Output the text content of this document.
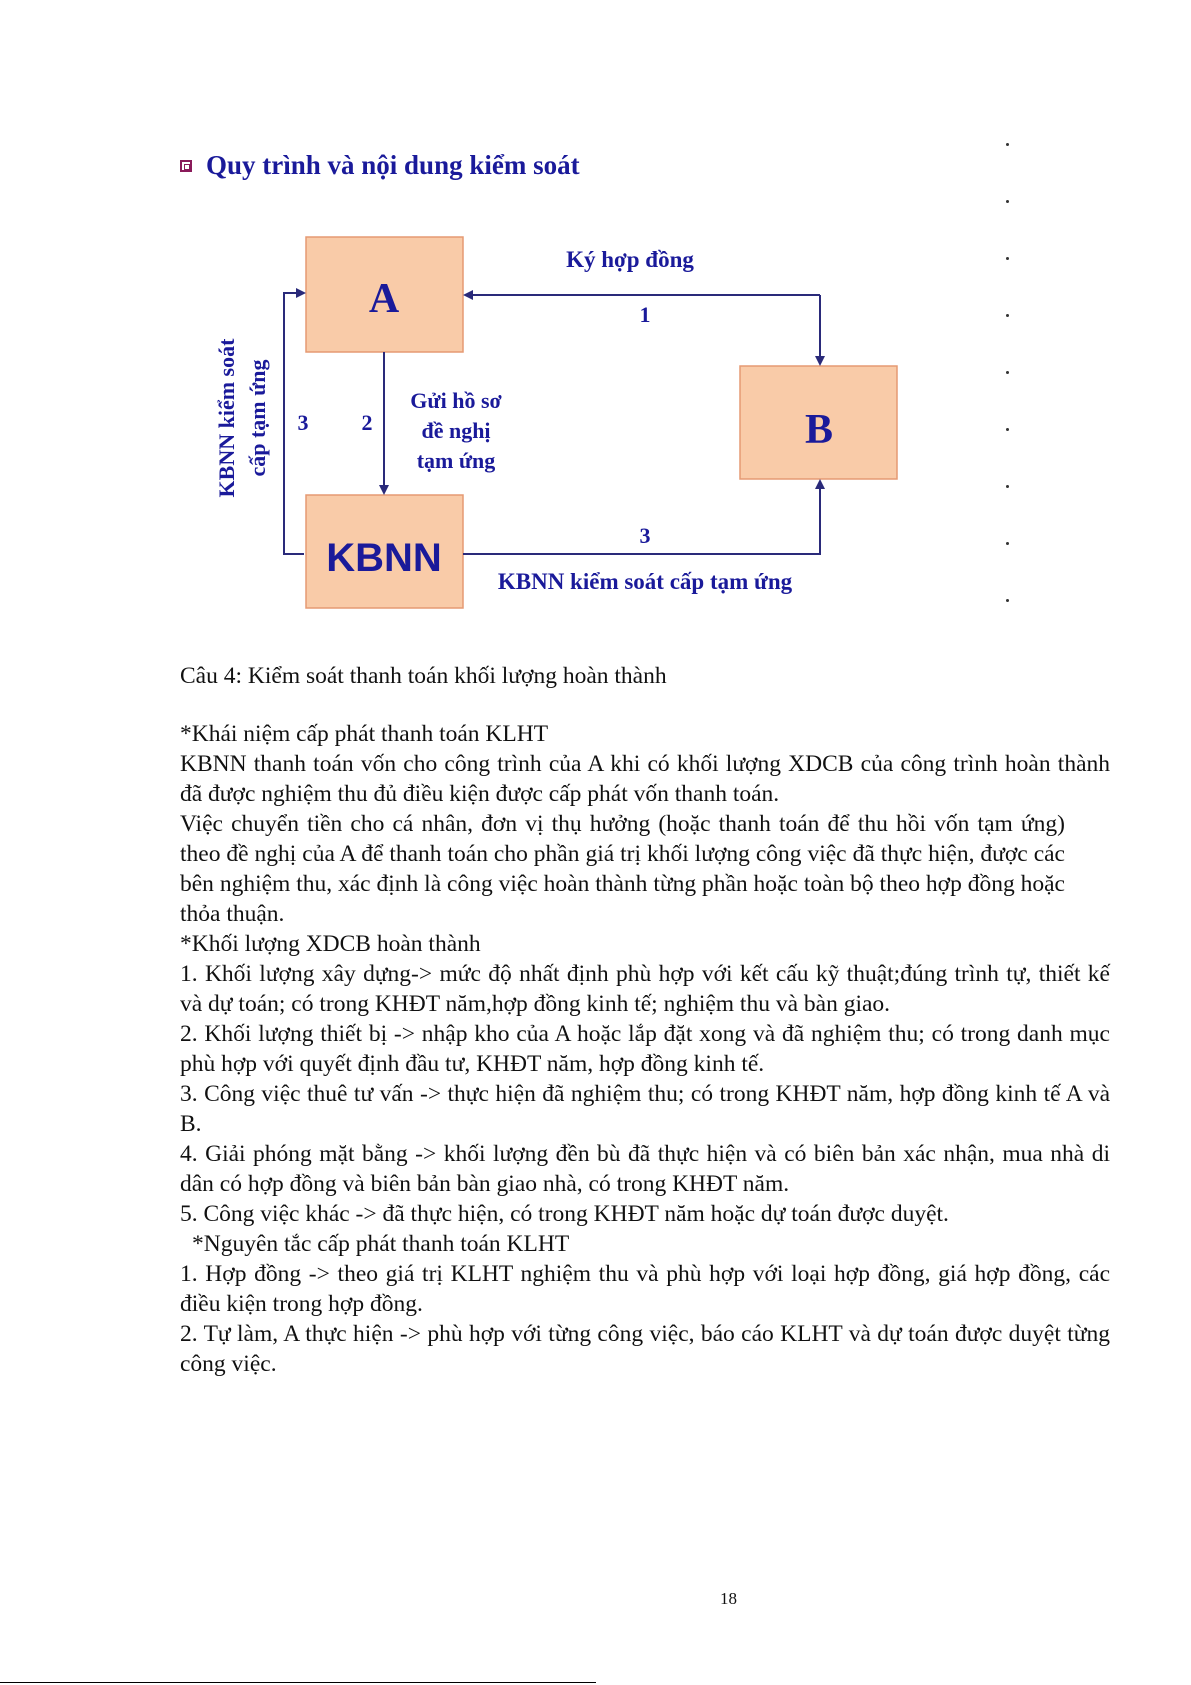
Quy trình và nội dung kiểm soát
A
B
KBNN
Ký hợp đồng
1
2
Gửi hồ sơ
đề nghị
tạm ứng
3
KBNN kiểm soát cấp tạm ứng
3
KBNN kiểm soát cấp tạm ứng

Câu 4: Kiểm soát thanh toán khối lượng hoàn thành

*Khái niệm cấp phát thanh toán KLHT

KBNN thanh toán vốn cho công trình của A khi có khối lượng XDCB của công trình hoàn thành đã được nghiệm thu đủ điều kiện được cấp phát vốn thanh toán.

Việc chuyển tiền cho cá nhân, đơn vị thụ hưởng (hoặc thanh toán để thu hồi vốn tạm ứng) theo đề nghị của A để thanh toán cho phần giá trị khối lượng công việc đã thực hiện, được các bên nghiệm thu, xác định là công việc hoàn thành từng phần hoặc toàn bộ theo hợp đồng hoặc thỏa thuận.

*Khối lượng XDCB hoàn thành

1. Khối lượng xây dựng-> mức độ nhất định phù hợp với kết cấu kỹ thuật;đúng trình tự, thiết kế và dự toán; có trong KHĐT năm,hợp đồng kinh tế; nghiệm thu và bàn giao.

2. Khối lượng thiết bị -> nhập kho của A hoặc lắp đặt xong và đã nghiệm thu; có trong danh mục phù hợp với quyết định đầu tư, KHĐT năm, hợp đồng kinh tế.

3. Công việc thuê tư vấn -> thực hiện đã nghiệm thu; có trong KHĐT năm, hợp đồng kinh tế A và B.

4. Giải phóng mặt bằng -> khối lượng đền bù đã thực hiện và có biên bản xác nhận, mua nhà di dân có hợp đồng và biên bản bàn giao nhà, có trong KHĐT năm.

5. Công việc khác -> đã thực hiện, có trong KHĐT năm hoặc dự toán được duyệt.

*Nguyên tắc cấp phát thanh toán KLHT

1. Hợp đồng -> theo giá trị KLHT nghiệm thu và phù hợp với loại hợp đồng, giá hợp đồng, các điều kiện trong hợp đồng.

2. Tự làm, A thực hiện -> phù hợp với từng công việc, báo cáo KLHT và dự toán được duyệt từng công việc.

18
